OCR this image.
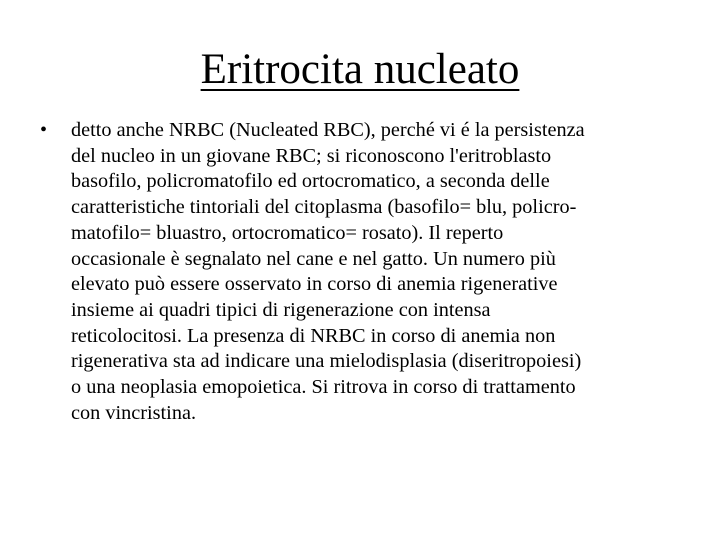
Eritrocita nucleato
• detto anche NRBC (Nucleated RBC), perché vi é la persistenza
del nucleo in un giovane RBC; si riconoscono l'eritroblasto
basofilo, policromatofilo ed ortocromatico, a seconda delle
caratteristiche tintoriali del citoplasma (basofilo= blu, policro-
matofilo= bluastro, ortocromatico= rosato). Il reperto
occasionale è segnalato nel cane e nel gatto. Un numero più
elevato può essere osservato in corso di anemia rigenerative
insieme ai quadri tipici di rigenerazione con intensa
reticolocitosi. La presenza di NRBC in corso di anemia non
rigenerativa sta ad indicare una mielodisplasia (diseritropoiesi)
o una neoplasia emopoietica. Si ritrova in corso di trattamento
con vincristina.
